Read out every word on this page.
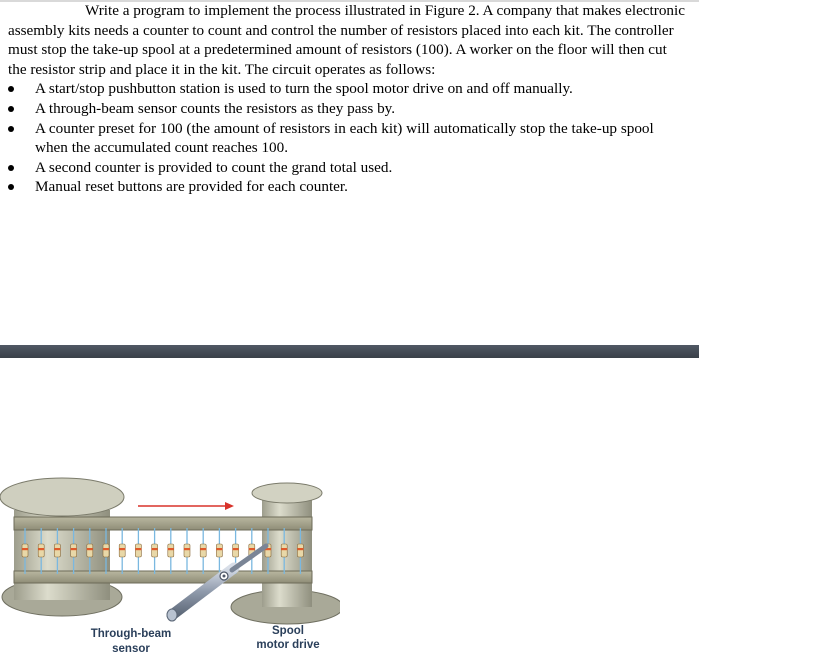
Write a program to implement the process illustrated in Figure 2. A company that makes electronic assembly kits needs a counter to count and control the number of resistors placed into each kit. The controller must stop the take-up spool at a predetermined amount of resistors (100). A worker on the floor will then cut the resistor strip and place it in the kit. The circuit operates as follows:

A start/stop pushbutton station is used to turn the spool motor drive on and off manually.
A through-beam sensor counts the resistors as they pass by.
A counter preset for 100 (the amount of resistors in each kit) will automatically stop the take-up spool when the accumulated count reaches 100.
A second counter is provided to count the grand total used.
Manual reset buttons are provided for each counter.
Through-beam
sensor
Spool
motor drive
